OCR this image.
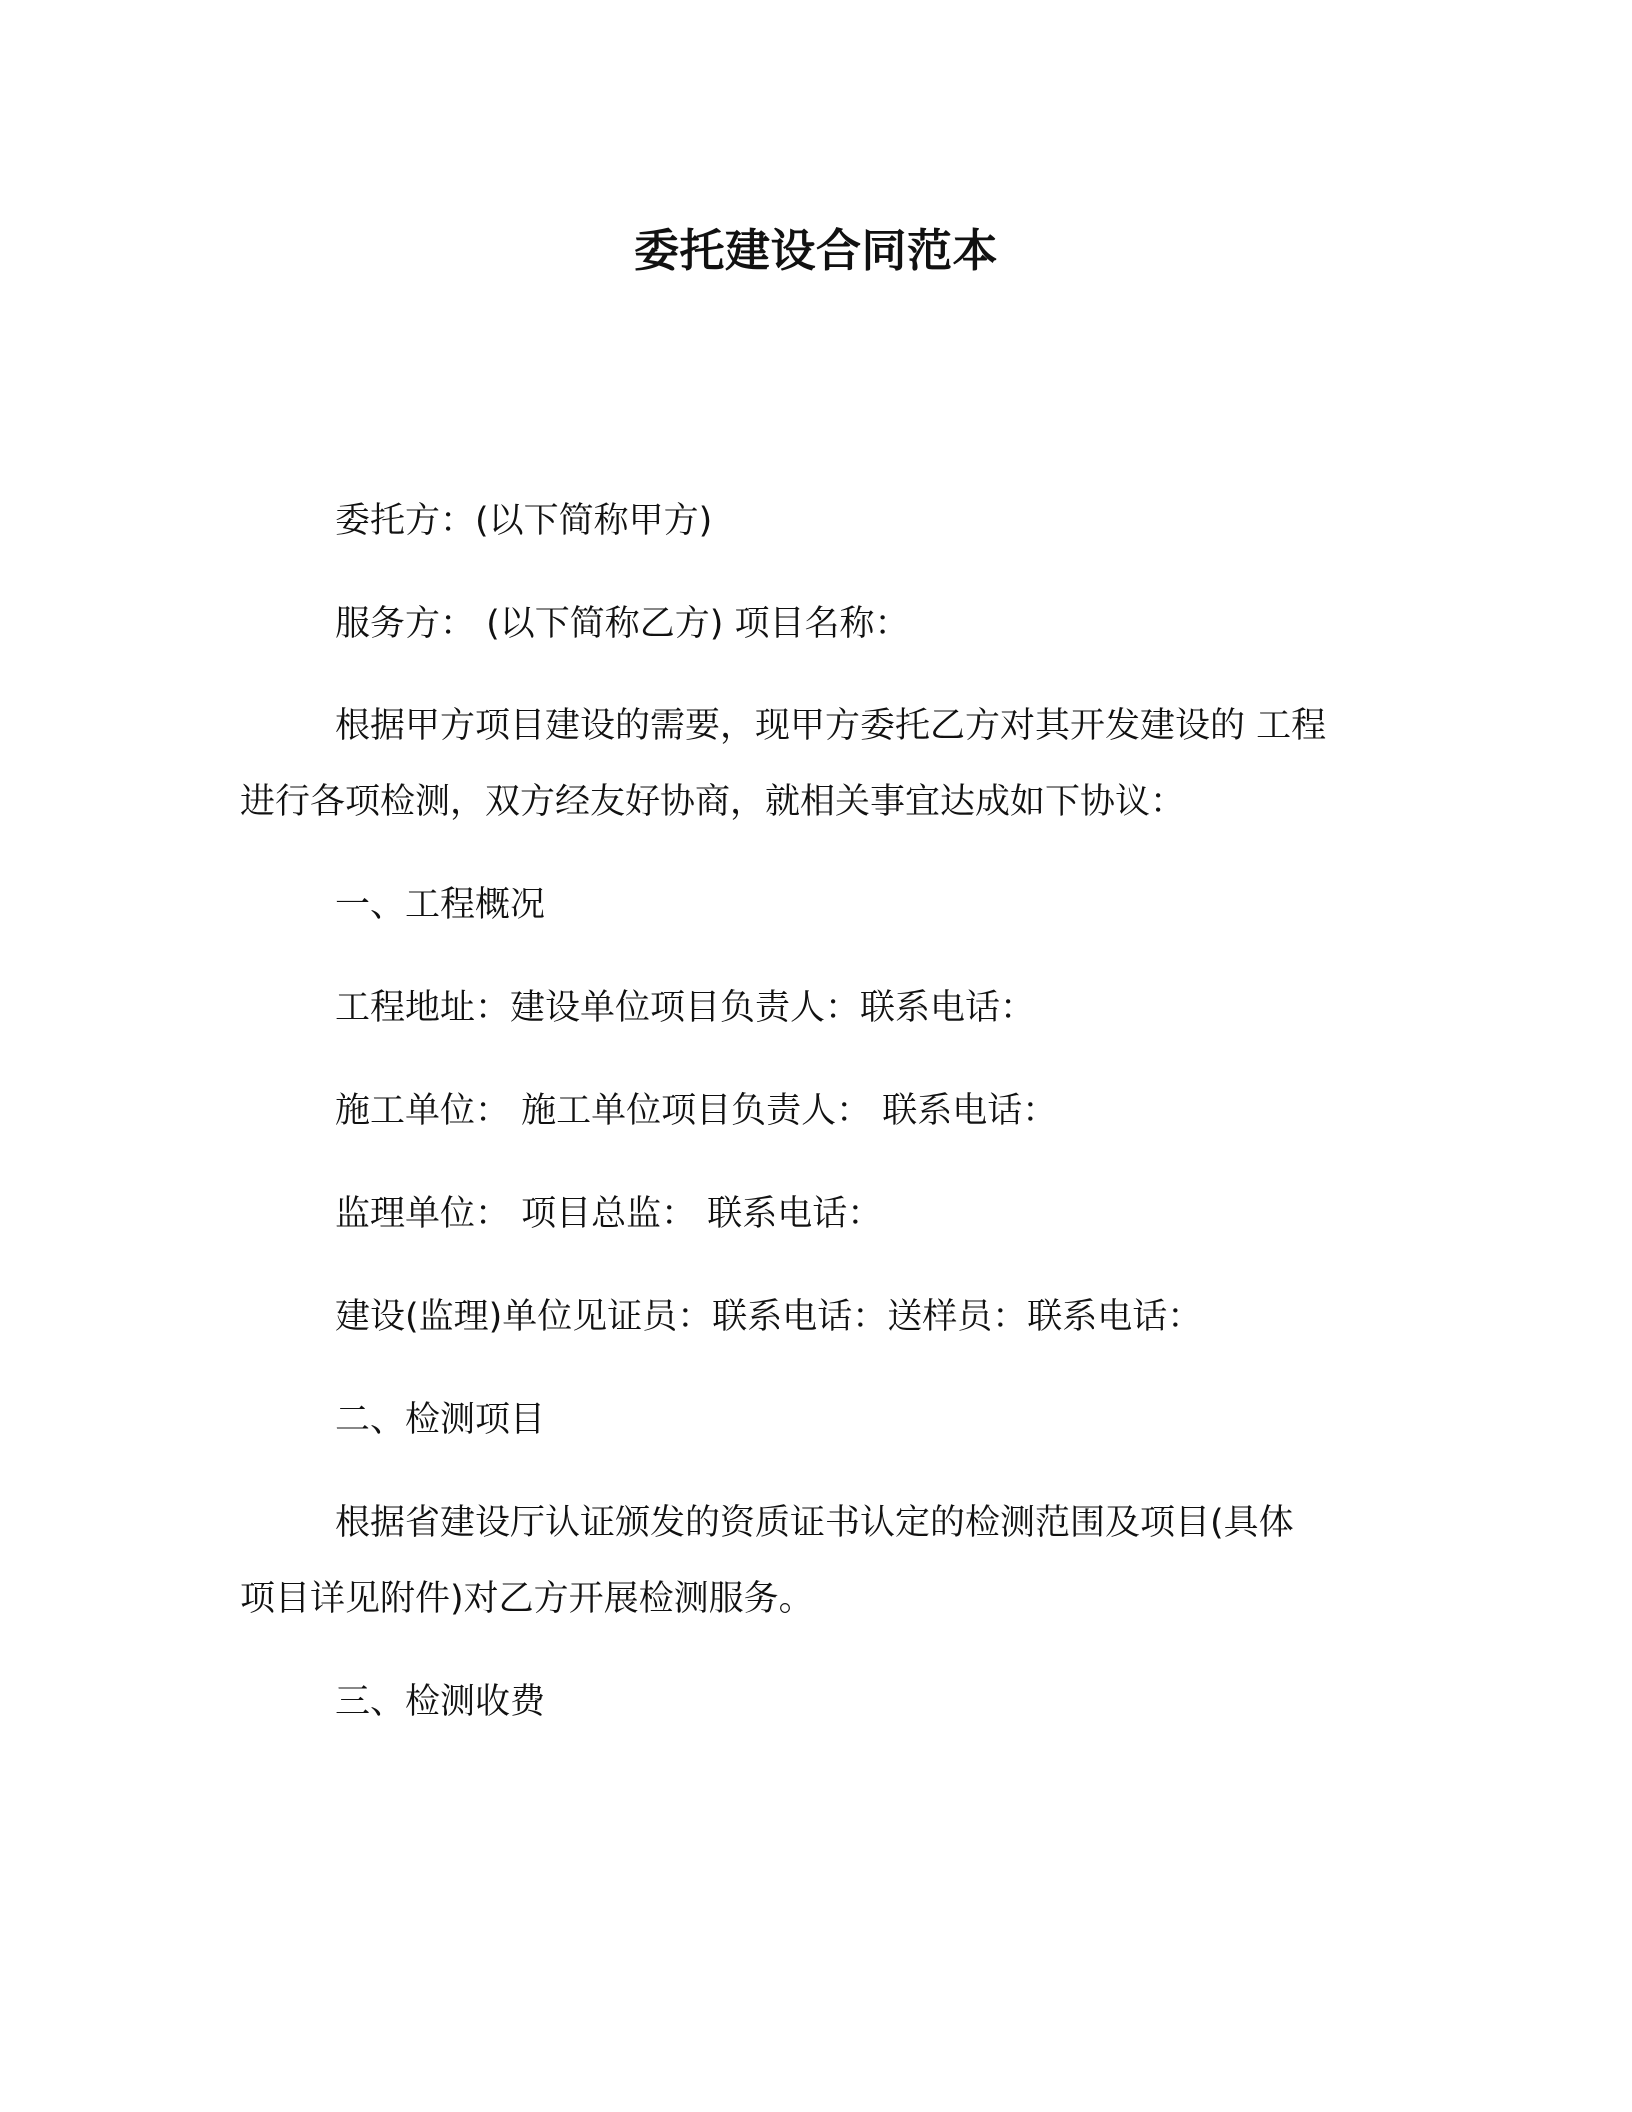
委托建设合同范本
委托方：(以下简称甲方)
服务方： (以下简称乙方) 项目名称：
根据甲方项目建设的需要，现甲方委托乙方对其开发建设的 工程
进行各项检测，双方经友好协商，就相关事宜达成如下协议：
一、工程概况
工程地址：建设单位项目负责人：联系电话：
施工单位： 施工单位项目负责人： 联系电话：
监理单位： 项目总监： 联系电话：
建设(监理)单位见证员：联系电话：送样员：联系电话：
二、检测项目
根据省建设厅认证颁发的资质证书认定的检测范围及项目(具体
项目详见附件)对乙方开展检测服务。
三、检测收费
